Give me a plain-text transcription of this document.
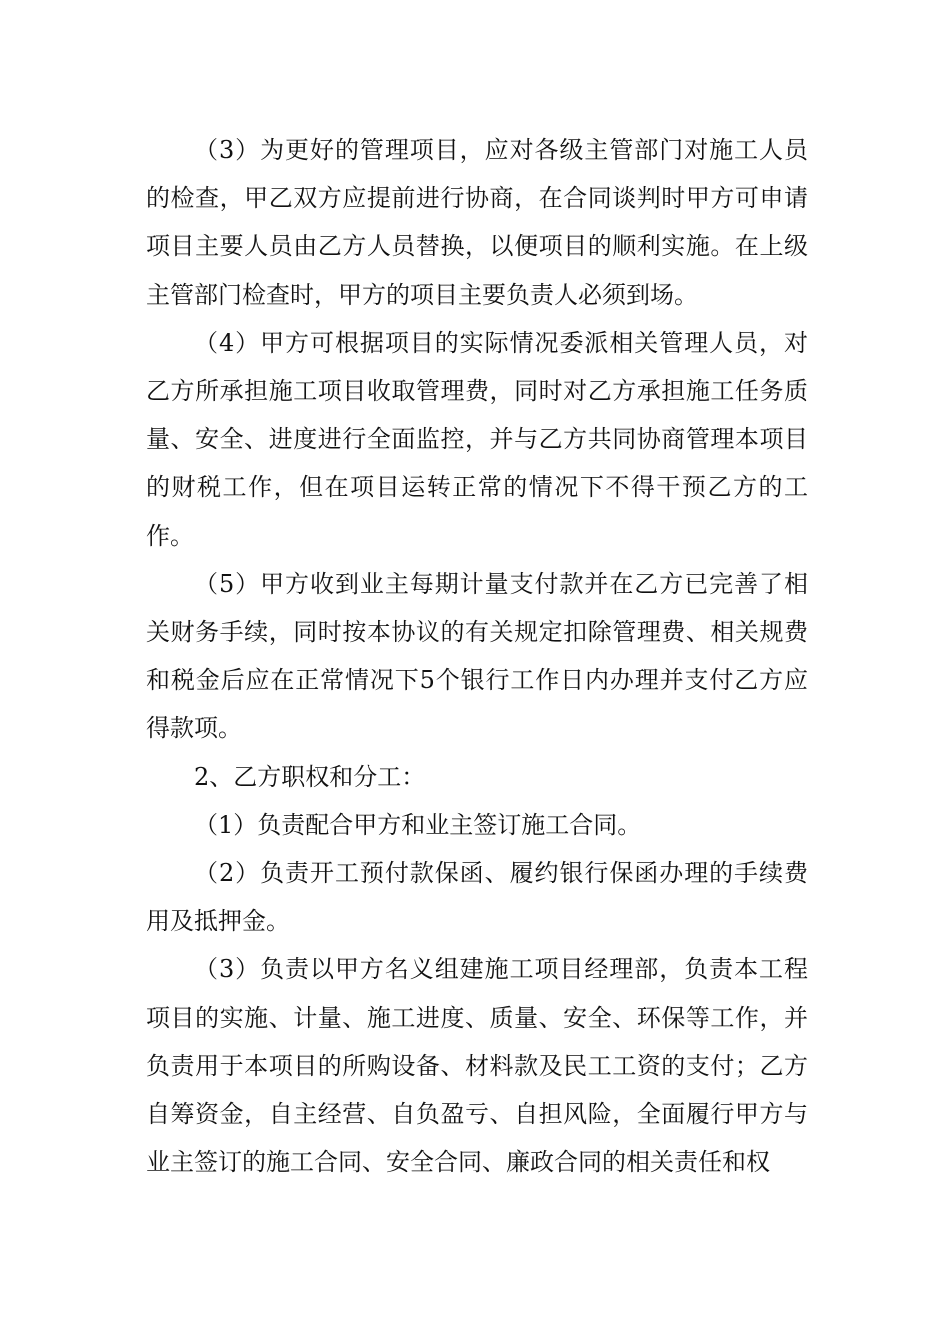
（3）为更好的管理项目，应对各级主管部门对施工人员的检查，甲乙双方应提前进行协商，在合同谈判时甲方可申请项目主要人员由乙方人员替换，以便项目的顺利实施。在上级主管部门检查时，甲方的项目主要负责人必须到场。

（4）甲方可根据项目的实际情况委派相关管理人员，对乙方所承担施工项目收取管理费，同时对乙方承担施工任务质量、安全、进度进行全面监控，并与乙方共同协商管理本项目的财税工作，但在项目运转正常的情况下不得干预乙方的工作。

（5）甲方收到业主每期计量支付款并在乙方已完善了相关财务手续，同时按本协议的有关规定扣除管理费、相关规费和税金后应在正常情况下5个银行工作日内办理并支付乙方应得款项。

2、乙方职权和分工：

（1）负责配合甲方和业主签订施工合同。

（2）负责开工预付款保函、履约银行保函办理的手续费用及抵押金。

（3）负责以甲方名义组建施工项目经理部，负责本工程项目的实施、计量、施工进度、质量、安全、环保等工作，并负责用于本项目的所购设备、材料款及民工工资的支付；乙方自筹资金，自主经营、自负盈亏、自担风险，全面履行甲方与业主签订的施工合同、安全合同、廉政合同的相关责任和权
